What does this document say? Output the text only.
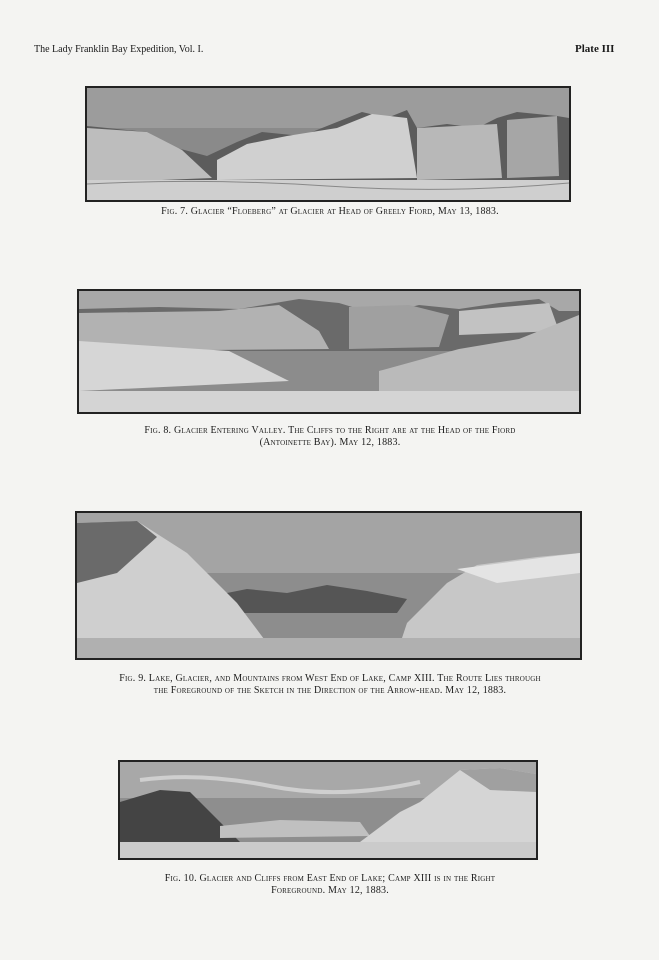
The Lady Franklin Bay Expedition, Vol. I.	Plate III
Fig. 7. Glacier “Floeberg” at Glacier at Head of Greely Fiord, May 13, 1883.
Fig. 8. Glacier Entering Valley. The Cliffs to the Right are at the Head of the Fiord
(Antoinette Bay). May 12, 1883.
Fig. 9. Lake, Glacier, and Mountains from West End of Lake, Camp XIII. The Route Lies through
the Foreground of the Sketch in the Direction of the Arrow-head. May 12, 1883.
Fig. 10. Glacier and Cliffs from East End of Lake; Camp XIII is in the Right
Foreground. May 12, 1883.
